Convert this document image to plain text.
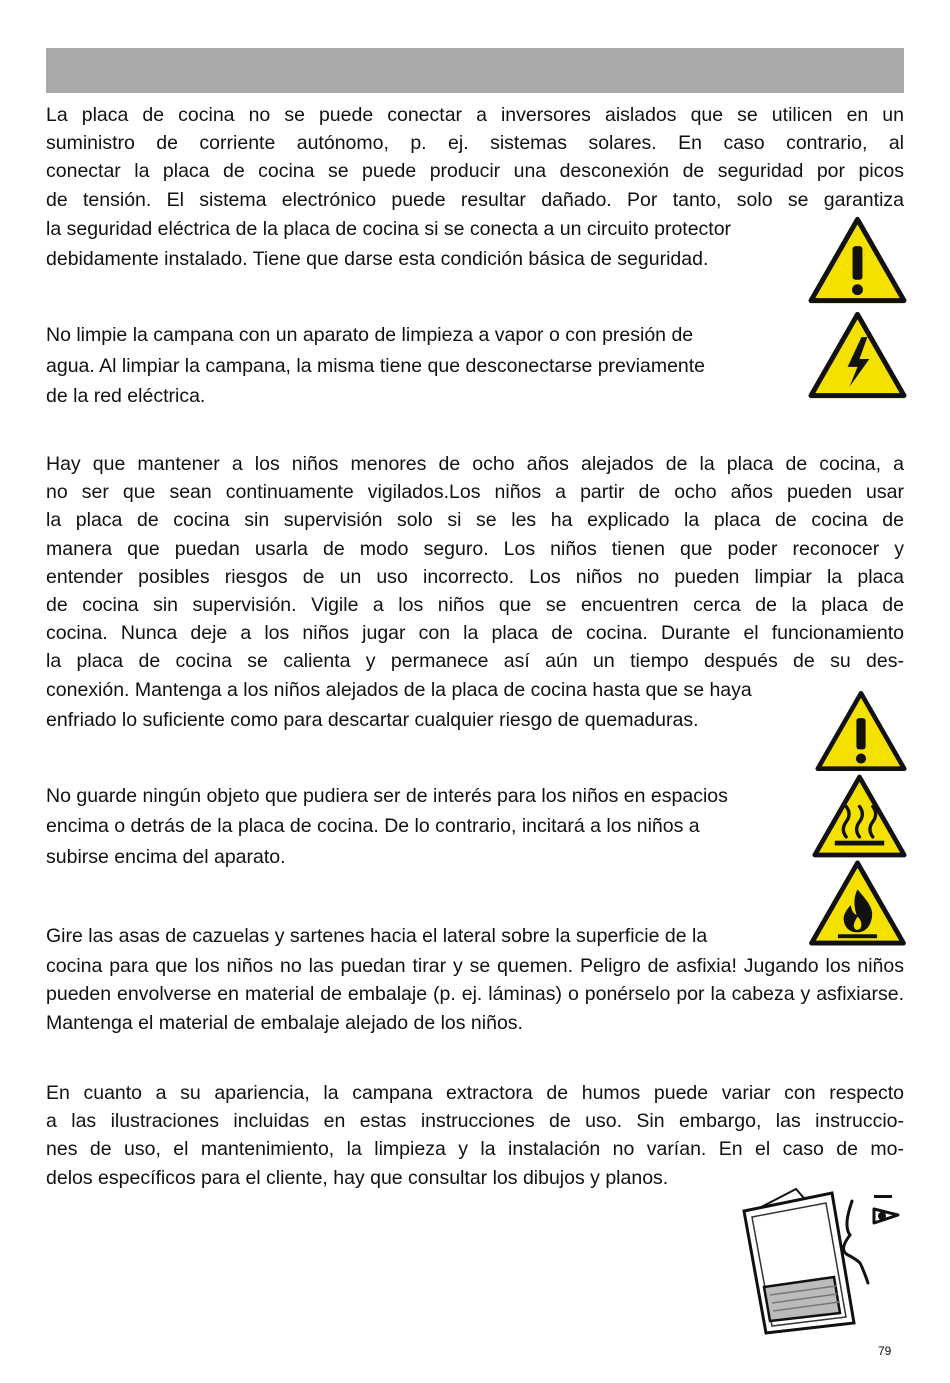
La placa de cocina no se puede conectar a inversores aislados que se utilicen en un
suministro de corriente autónomo, p. ej. sistemas solares. En caso contrario, al
conectar la placa de cocina se puede producir una desconexión de seguridad por picos
de tensión. El sistema electrónico puede resultar dañado. Por tanto, solo se garantiza
la seguridad eléctrica de la placa de cocina si se conecta a un circuito protector
debidamente instalado. Tiene que darse esta condición básica de seguridad.
No limpie la campana con un aparato de limpieza a vapor o con presión de
agua. Al limpiar la campana, la misma tiene que desconectarse previamente
de la red eléctrica.
Hay que mantener a los niños menores de ocho años alejados de la placa de cocina, a
no ser que sean continuamente vigilados.Los niños a partir de ocho años pueden usar
la placa de cocina sin supervisión solo si se les ha explicado la placa de cocina de
manera que puedan usarla de modo seguro. Los niños tienen que poder reconocer y
entender posibles riesgos de un uso incorrecto. Los niños no pueden limpiar la placa
de cocina sin supervisión. Vigile a los niños que se encuentren cerca de la placa de
cocina. Nunca deje a los niños jugar con la placa de cocina. Durante el funcionamiento
la placa de cocina se calienta y permanece así aún un tiempo después de su des-
conexión. Mantenga a los niños alejados de la placa de cocina hasta que se haya
enfriado lo suficiente como para descartar cualquier riesgo de quemaduras.
No guarde ningún objeto que pudiera ser de interés para los niños en espacios
encima o detrás de la placa de cocina. De lo contrario, incitará a los niños a
subirse encima del aparato.
Gire las asas de cazuelas y sartenes hacia el lateral sobre la superficie de la
cocina para que los niños no las puedan tirar y se quemen. Peligro de asfixia! Jugando los niños pueden envolverse en material de embalaje (p. ej. láminas) o ponérselo por la cabeza y asfixiarse. Mantenga el material de embalaje alejado de los niños.
En cuanto a su apariencia, la campana extractora de humos puede variar con respecto
a las ilustraciones incluidas en estas instrucciones de uso. Sin embargo, las instruccio-
nes de uso, el mantenimiento, la limpieza y la instalación no varían. En el caso de mo-
delos específicos para el cliente, hay que consultar los dibujos y planos.
79
